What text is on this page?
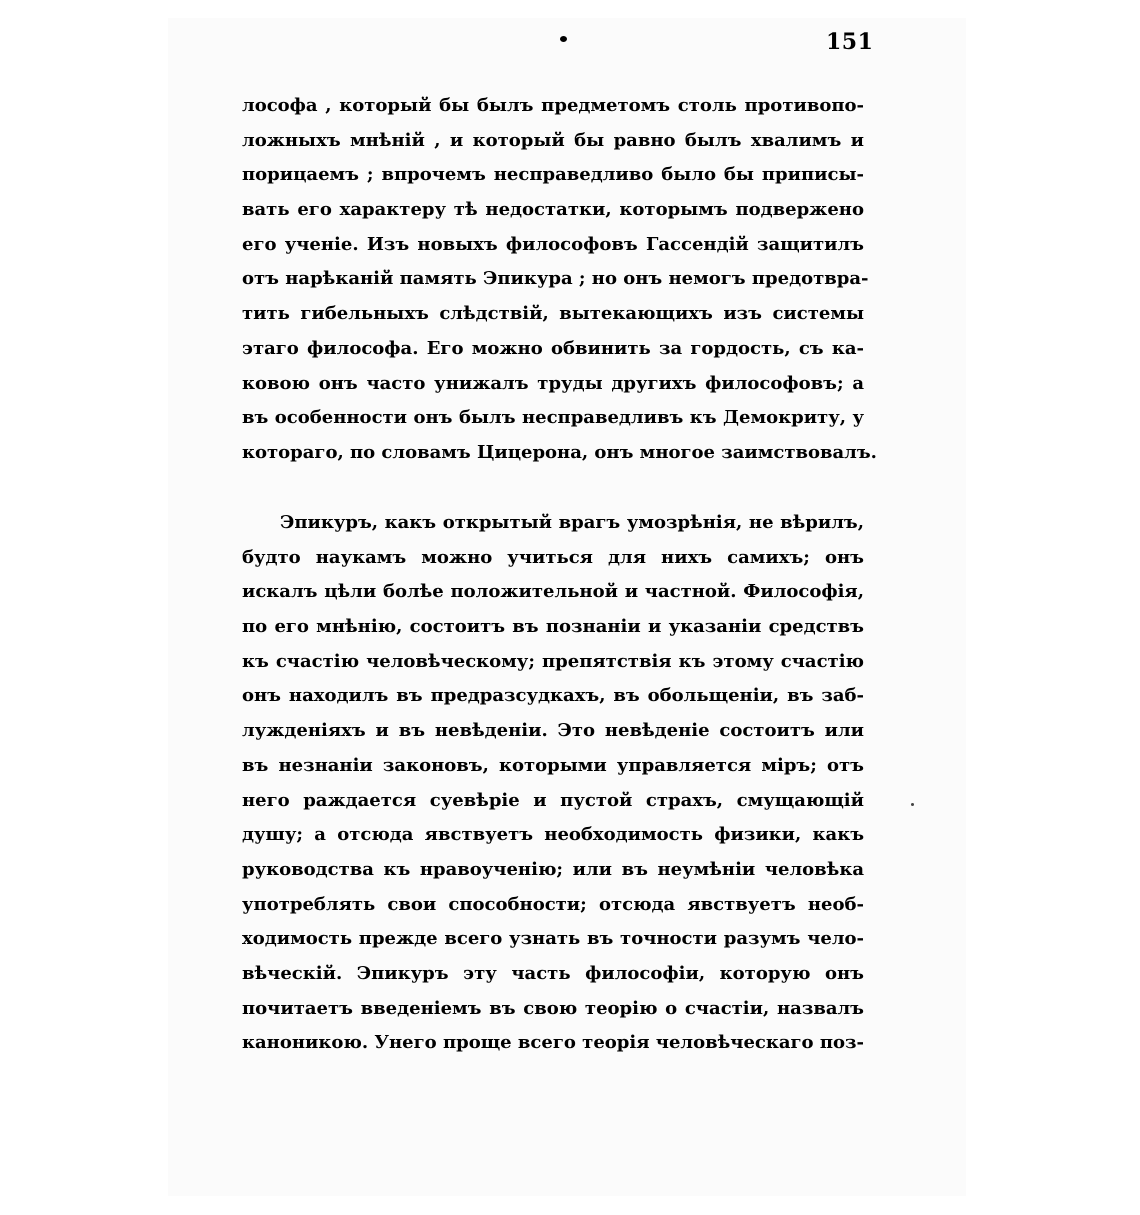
151
лософа , который бы былъ предметомъ столь противопо-
ложныхъ мнѣній , и который бы равно былъ хвалимъ и
порицаемъ ; впрочемъ несправедливо было бы приписы-
вать его характеру тѣ недостатки, которымъ подвержено
его ученіе. Изъ новыхъ философовъ Гассендій защитилъ
отъ нарѣканій память Эпикура ; но онъ немогъ предотвра-
тить гибельныхъ слѣдствій, вытекающихъ изъ системы
этаго философа. Его можно обвинить за гордость, съ ка-
ковою онъ часто унижалъ труды другихъ философовъ; а
въ особенности онъ былъ несправедливъ къ Демокриту, у
котораго, по словамъ Цицерона, онъ многое заимствовалъ.
Эпикуръ, какъ открытый врагъ умозрѣнія, не вѣрилъ,
будто наукамъ можно учиться для нихъ самихъ; онъ
искалъ цѣли болѣе положительной и частной. Философія,
по его мнѣнію, состоитъ въ познаніи и указаніи средствъ
къ счастію человѣческому; препятствія къ этому счастію
онъ находилъ въ предразсудкахъ, въ обольщеніи, въ заб-
лужденіяхъ и въ невѣденіи. Это невѣденіе состоитъ или
въ незнаніи законовъ, которыми управляется міръ; отъ
него раждается суевѣріе и пустой страхъ, смущающій
душу; а отсюда явствуетъ необходимость физики, какъ
руководства къ нравоученію; или въ неумѣніи человѣка
употреблять свои способности; отсюда явствуетъ необ-
ходимость прежде всего узнать въ точности разумъ чело-
вѣческій. Эпикуръ эту часть философіи, которую онъ
почитаетъ введеніемъ въ свою теорію о счастіи, назвалъ
каноникою. Унего проще всего теорія человѣческаго поз-
